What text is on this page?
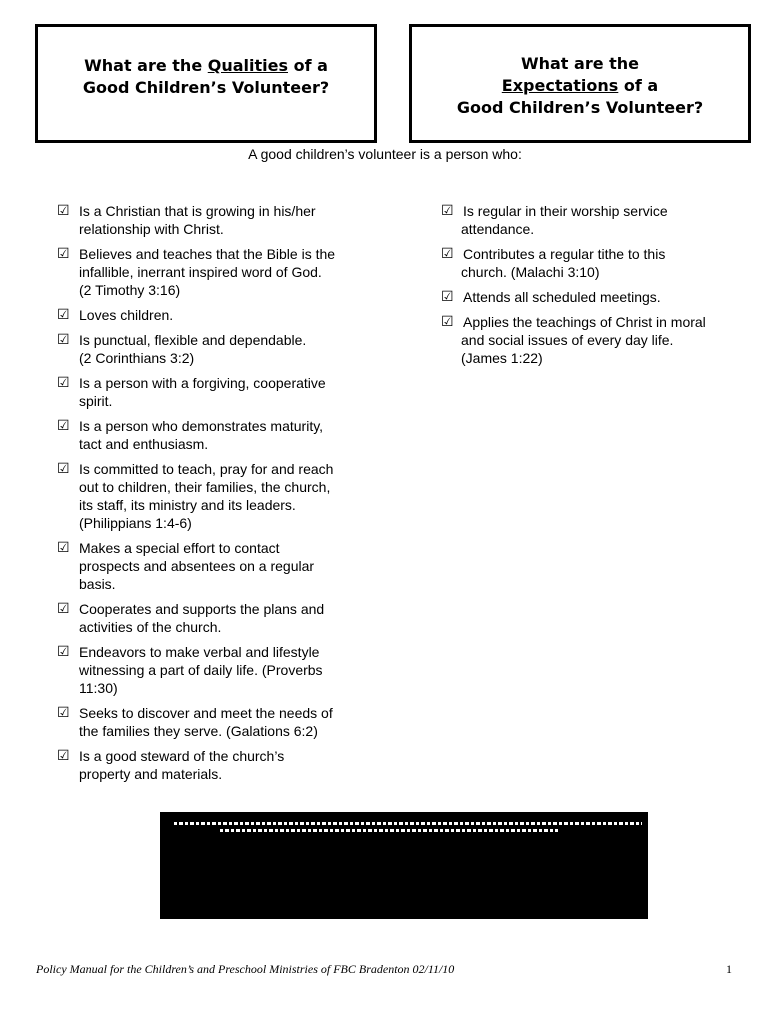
What are the Qualities of a
Good Children’s Volunteer?
What are the
Expectations of a
Good Children’s Volunteer?
A good children’s volunteer is a person who:
☑ Is a Christian that is growing in his/her
relationship with Christ.
☑ Believes and teaches that the Bible is the
infallible, inerrant inspired word of God.
(2 Timothy 3:16)
☑ Loves children.
☑ Is punctual, flexible and dependable.
(2 Corinthians 3:2)
☑ Is a person with a forgiving, cooperative
spirit.
☑ Is a person who demonstrates maturity,
tact and enthusiasm.
☑ Is committed to teach, pray for and reach
out to children, their families, the church,
its staff, its ministry and its leaders.
(Philippians 1:4-6)
☑ Makes a special effort to contact
prospects and absentees on a regular
basis.
☑ Cooperates and supports the plans and
activities of the church.
☑ Endeavors to make verbal and lifestyle
witnessing a part of daily life. (Proverbs
11:30)
☑ Seeks to discover and meet the needs of
the families they serve. (Galations 6:2)
☑ Is a good steward of the church’s
property and materials.
☑ Is regular in their worship service
attendance.
☑ Contributes a regular tithe to this
church. (Malachi 3:10)
☑ Attends all scheduled meetings.
☑ Applies the teachings of Christ in moral
and social issues of every day life.
(James 1:22)
Policy Manual for the Children’s and Preschool Ministries of FBC Bradenton 02/11/10	1
